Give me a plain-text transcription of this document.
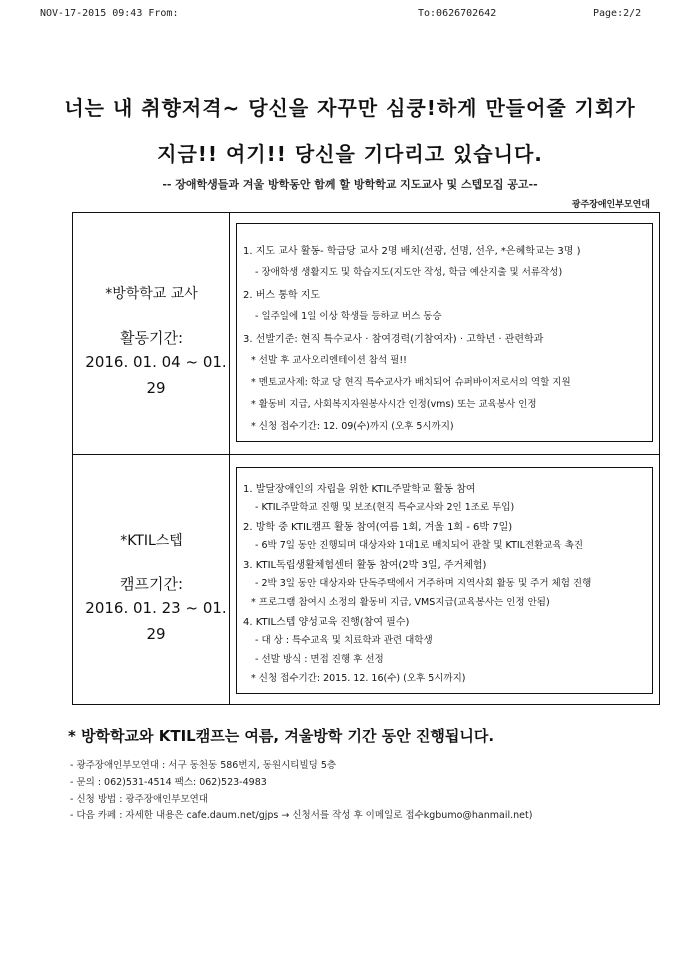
NOV-17-2015 09:43 From:	To:0626702642	Page:2/2
너는 내 취향저격~ 당신을 자꾸만 심쿵!하게 만들어줄 기회가
지금!! 여기!! 당신을 기다리고 있습니다.
-- 장애학생들과 겨울 방학동안 함께 할 방학학교 지도교사 및 스텝모집 공고--
광주장애인부모연대
*방학학교 교사
활동기간:
2016. 01. 04 ~ 01. 29
1. 지도 교사 활동- 학급당 교사 2명 배치(선광, 선명, 선우, *은혜학교는 3명 )
- 장애학생 생활지도 및 학습지도(지도안 작성, 학급 예산지출 및 서류작성)
2. 버스 통학 지도
- 일주일에 1일 이상 학생들 등하교 버스 동승
3. 선발기준: 현직 특수교사 · 참여경력(기참여자) · 고학년 · 관련학과
* 선발 후 교사오리엔테이션 참석 필!!
* 멘토교사제: 학교 당 현직 특수교사가 배치되어 슈퍼바이저로서의 역할 지원
* 활동비 지급, 사회복지자원봉사시간 인정(vms) 또는 교육봉사 인정
* 신청 접수기간: 12. 09(수)까지 (오후 5시까지)
*KTIL스텝
캠프기간:
2016. 01. 23 ~ 01. 29
1. 발달장애인의 자립을 위한 KTIL주말학교 활동 참여
- KTIL주말학교 진행 및 보조(현직 특수교사와 2인 1조로 투입)
2. 방학 중 KTIL캠프 활동 참여(여름 1회, 겨울 1회 - 6박 7일)
- 6박 7일 동안 진행되며 대상자와 1대1로 배치되어 관찰 및 KTIL전환교육 촉진
3. KTIL독립생활체험센터 활동 참여(2박 3일, 주거체험)
- 2박 3일 동안 대상자와 단독주택에서 거주하며 지역사회 활동 및 주거 체험 진행
* 프로그램 참여시 소정의 활동비 지급, VMS지급(교육봉사는 인정 안됨)
4. KTIL스텝 양성교육 진행(참여 필수)
- 대 상 : 특수교육 및 치료학과 관련 대학생
- 선발 방식 : 면접 진행 후 선정
* 신청 접수기간: 2015. 12. 16(수) (오후 5시까지)
* 방학학교와 KTIL캠프는 여름, 겨울방학 기간 동안 진행됩니다.
- 광주장애인부모연대 : 서구 동천동 586번지, 동원시티빌딩 5층
- 문의 : 062)531-4514 팩스: 062)523-4983
- 신청 방법 : 광주장애인부모연대
- 다음 카페 : 자세한 내용은 cafe.daum.net/gjps → 신청서를 작성 후 이메일로 접수kgbumo@hanmail.net)
